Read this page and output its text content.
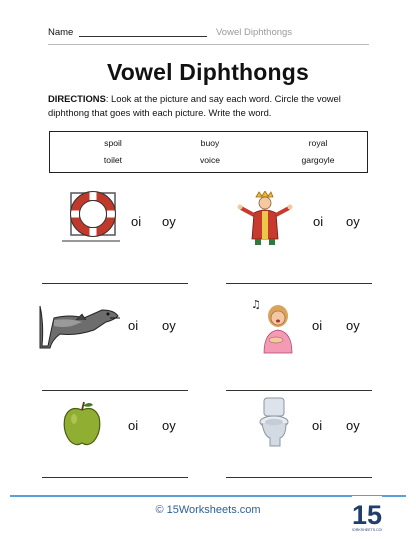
Name	Vowel Diphthongs
Vowel Diphthongs
DIRECTIONS: Look at the picture and say each word. Circle the vowel diphthong that goes with each picture. Write the word.
spoil	buoy	royal
toilet	voice	gargoyle
oi oy	oi oy
oi oy
♫
oi oy
oi oy	oi oy
© 15Worksheets.com	15
ORKSHEETS.CO
